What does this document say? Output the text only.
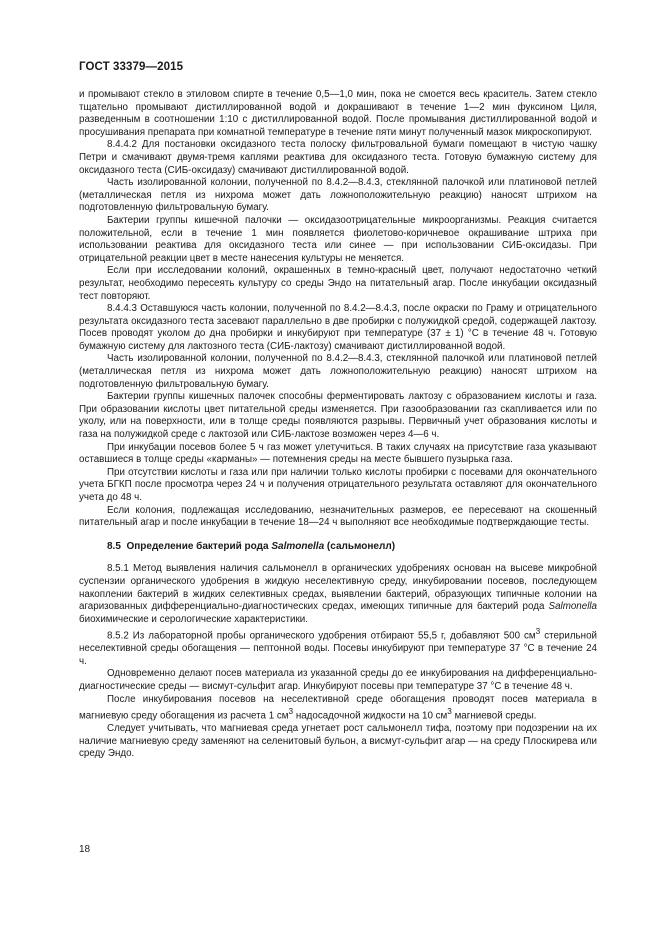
ГОСТ 33379—2015

и промывают стекло в этиловом спирте в течение 0,5—1,0 мин, пока не смоется весь краситель. Затем стекло тщательно промывают дистиллированной водой и докрашивают в течение 1—2 мин фуксином Циля, разведенным в соотношении 1:10 с дистиллированной водой. После промывания дистиллированной водой и просушивания препарата при комнатной температуре в течение пяти минут полученный мазок микроскопируют.

8.4.4.2 Для постановки оксидазного теста полоску фильтровальной бумаги помещают в чистую чашку Петри и смачивают двумя-тремя каплями реактива для оксидазного теста. Готовую бумажную систему для оксидазного теста (СИБ-оксидазу) смачивают дистиллированной водой.

Часть изолированной колонии, полученной по 8.4.2—8.4.3, стеклянной палочкой или платиновой петлей (металлическая петля из нихрома может дать ложноположительную реакцию) наносят штрихом на подготовленную фильтровальную бумагу.

Бактерии группы кишечной палочки — оксидазоотрицательные микроорганизмы. Реакция считается положительной, если в течение 1 мин появляется фиолетово-коричневое окрашивание штриха при использовании реактива для оксидазного теста или синее — при использовании СИБ-оксидазы. При отрицательной реакции цвет в месте нанесения культуры не меняется.

Если при исследовании колоний, окрашенных в темно-красный цвет, получают недостаточно четкий результат, необходимо пересеять культуру со среды Эндо на питательный агар. После инкубации оксидазный тест повторяют.

8.4.4.3 Оставшуюся часть колонии, полученной по 8.4.2—8.4.3, после окраски по Граму и отрицательного результата оксидазного теста засевают параллельно в две пробирки с полужидкой средой, содержащей лактозу. Посев проводят уколом до дна пробирки и инкубируют при температуре (37 ± 1) °С в течение 48 ч. Готовую бумажную систему для лактозного теста (СИБ-лактозу) смачивают дистиллированной водой.

Часть изолированной колонии, полученной по 8.4.2—8.4.3, стеклянной палочкой или платиновой петлей (металлическая петля из нихрома может дать ложноположительную реакцию) наносят штрихом на подготовленную фильтровальную бумагу.

Бактерии группы кишечных палочек способны ферментировать лактозу с образованием кислоты и газа. При образовании кислоты цвет питательной среды изменяется. При газообразовании газ скапливается или по уколу, или на поверхности, или в толще среды появляются разрывы. Первичный учет образования кислоты и газа на полужидкой среде с лактозой или СИБ-лактозе возможен через 4—6 ч.

При инкубации посевов более 5 ч газ может улетучиться. В таких случаях на присутствие газа указывают оставшиеся в толще среды «карманы» — потемнения среды на месте бывшего пузырька газа.

При отсутствии кислоты и газа или при наличии только кислоты пробирки с посевами для окончательного учета БГКП после просмотра через 24 ч и получения отрицательного результата оставляют для окончательного учета до 48 ч.

Если колония, подлежащая исследованию, незначительных размеров, ее пересевают на скошенный питательный агар и после инкубации в течение 18—24 ч выполняют все необходимые подтверждающие тесты.

8.5 Определение бактерий рода Salmonella (сальмонелл)

8.5.1 Метод выявления наличия сальмонелл в органических удобрениях основан на высеве микробной суспензии органического удобрения в жидкую неселективную среду, инкубировании посевов, последующем накоплении бактерий в жидких селективных средах, выявлении бактерий, образующих типичные колонии на агаризованных дифференциально-диагностических средах, имеющих типичные для бактерий рода Salmonella биохимические и серологические характеристики.

8.5.2 Из лабораторной пробы органического удобрения отбирают 55,5 г, добавляют 500 $см^3$ стерильной неселективной среды обогащения — пептонной воды. Посевы инкубируют при температуре 37 °С в течение 24 ч.

Одновременно делают посев материала из указанной среды до ее инкубирования на дифференциально-диагностические среды — висмут-сульфит агар. Инкубируют посевы при температуре 37 °С в течение 48 ч.

После инкубирования посевов на неселективной среде обогащения проводят посев материала в магниевую среду обогащения из расчета 1 $см^3$ надосадочной жидкости на 10 $см^3$ магниевой среды.

Следует учитывать, что магниевая среда угнетает рост сальмонелл тифа, поэтому при подозрении на их наличие магниевую среду заменяют на селенитовый бульон, а висмут-сульфит агар — на среду Плоскирева или среду Эндо.

18
